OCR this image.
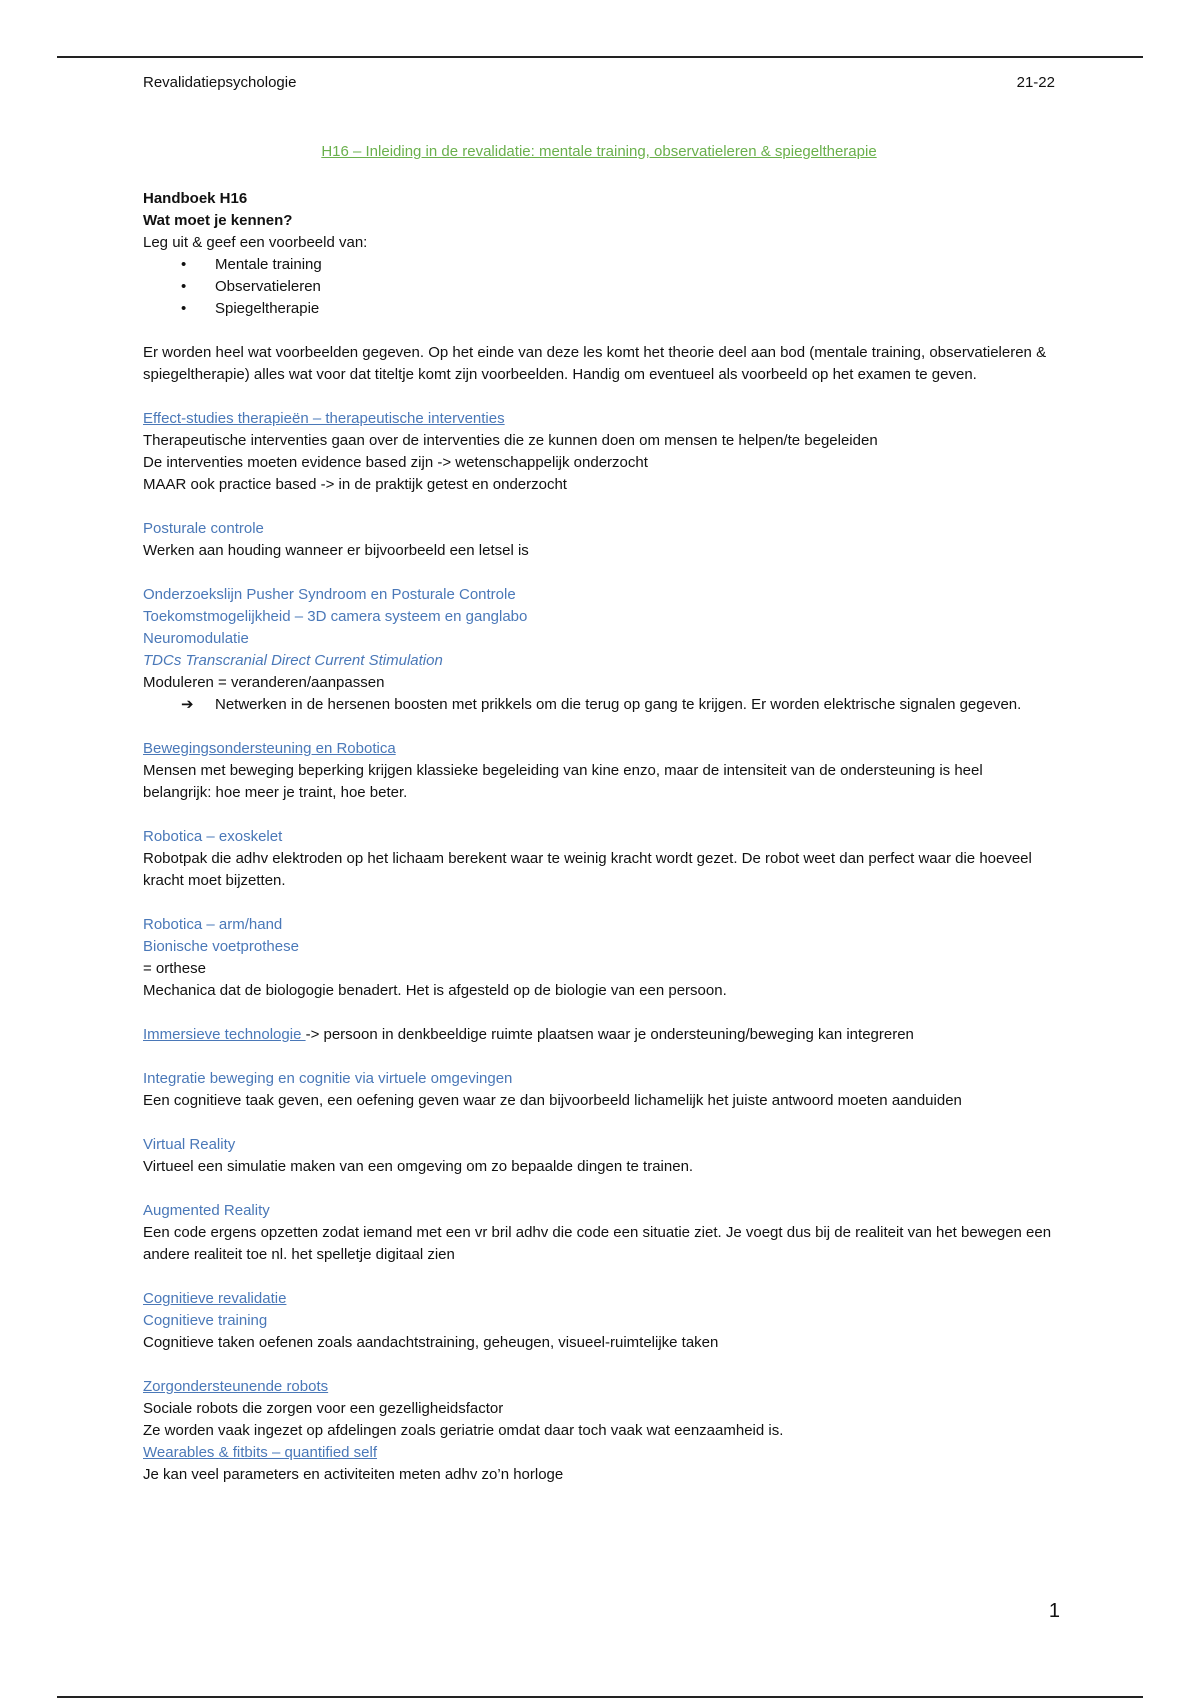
Revalidatiepsychologie	21-22
H16 – Inleiding in de revalidatie: mentale training, observatieleren & spiegeltherapie

Handboek H16

Wat moet je kennen?

Leg uit & geef een voorbeeld van:

• Mentale training
• Observatieleren
• Spiegeltherapie

Er worden heel wat voorbeelden gegeven. Op het einde van deze les komt het theorie deel aan bod (mentale training, observatieleren & spiegeltherapie) alles wat voor dat titeltje komt zijn voorbeelden. Handig om eventueel als voorbeeld op het examen te geven.

Effect-studies therapieën – therapeutische interventies

Therapeutische interventies gaan over de interventies die ze kunnen doen om mensen te helpen/te begeleiden

De interventies moeten evidence based zijn -> wetenschappelijk onderzocht

MAAR ook practice based -> in de praktijk getest en onderzocht

Posturale controle

Werken aan houding wanneer er bijvoorbeeld een letsel is

Onderzoekslijn Pusher Syndroom en Posturale Controle

Toekomstmogelijkheid – 3D camera systeem en ganglabo

Neuromodulatie

TDCs Transcranial Direct Current Stimulation

Moduleren = veranderen/aanpassen

➔ Netwerken in de hersenen boosten met prikkels om die terug op gang te krijgen. Er worden elektrische signalen gegeven.

Bewegingsondersteuning en Robotica

Mensen met beweging beperking krijgen klassieke begeleiding van kine enzo, maar de intensiteit van de ondersteuning is heel belangrijk: hoe meer je traint, hoe beter.

Robotica – exoskelet

Robotpak die adhv elektroden op het lichaam berekent waar te weinig kracht wordt gezet. De robot weet dan perfect waar die hoeveel kracht moet bijzetten.

Robotica – arm/hand

Bionische voetprothese

= orthese

Mechanica dat de biologogie benadert. Het is afgesteld op de biologie van een persoon.

Immersieve technologie -> persoon in denkbeeldige ruimte plaatsen waar je ondersteuning/beweging kan integreren

Integratie beweging en cognitie via virtuele omgevingen

Een cognitieve taak geven, een oefening geven waar ze dan bijvoorbeeld lichamelijk het juiste antwoord moeten aanduiden

Virtual Reality

Virtueel een simulatie maken van een omgeving om zo bepaalde dingen te trainen.

Augmented Reality

Een code ergens opzetten zodat iemand met een vr bril adhv die code een situatie ziet. Je voegt dus bij de realiteit van het bewegen een andere realiteit toe nl. het spelletje digitaal zien

Cognitieve revalidatie

Cognitieve training

Cognitieve taken oefenen zoals aandachtstraining, geheugen, visueel-ruimtelijke taken

Zorgondersteunende robots

Sociale robots die zorgen voor een gezelligheidsfactor

Ze worden vaak ingezet op afdelingen zoals geriatrie omdat daar toch vaak wat eenzaamheid is.

Wearables & fitbits – quantified self

Je kan veel parameters en activiteiten meten adhv zo’n horloge

1
